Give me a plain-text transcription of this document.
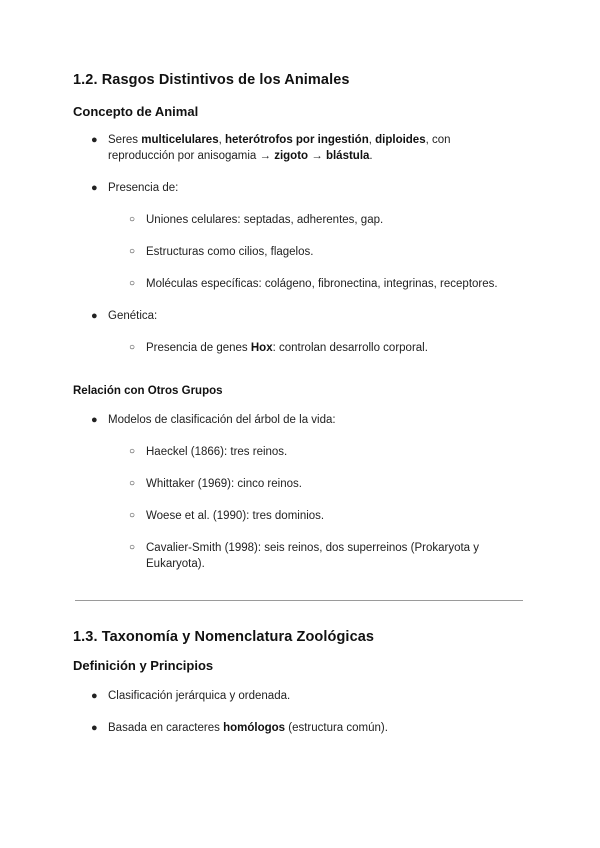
1.2. Rasgos Distintivos de los Animales
Concepto de Animal
● Seres multicelulares, heterótrofos por ingestión, diploides, con reproducción por anisogamia → zigoto → blástula.
● Presencia de:
○ Uniones celulares: septadas, adherentes, gap.
○ Estructuras como cilios, flagelos.
○ Moléculas específicas: colágeno, fibronectina, integrinas, receptores.
● Genética:
○ Presencia de genes Hox: controlan desarrollo corporal.
Relación con Otros Grupos
● Modelos de clasificación del árbol de la vida:
○ Haeckel (1866): tres reinos.
○ Whittaker (1969): cinco reinos.
○ Woese et al. (1990): tres dominios.
○ Cavalier-Smith (1998): seis reinos, dos superreinos (Prokaryota y Eukaryota).
1.3. Taxonomía y Nomenclatura Zoológicas
Definición y Principios
● Clasificación jerárquica y ordenada.
● Basada en caracteres homólogos (estructura común).
